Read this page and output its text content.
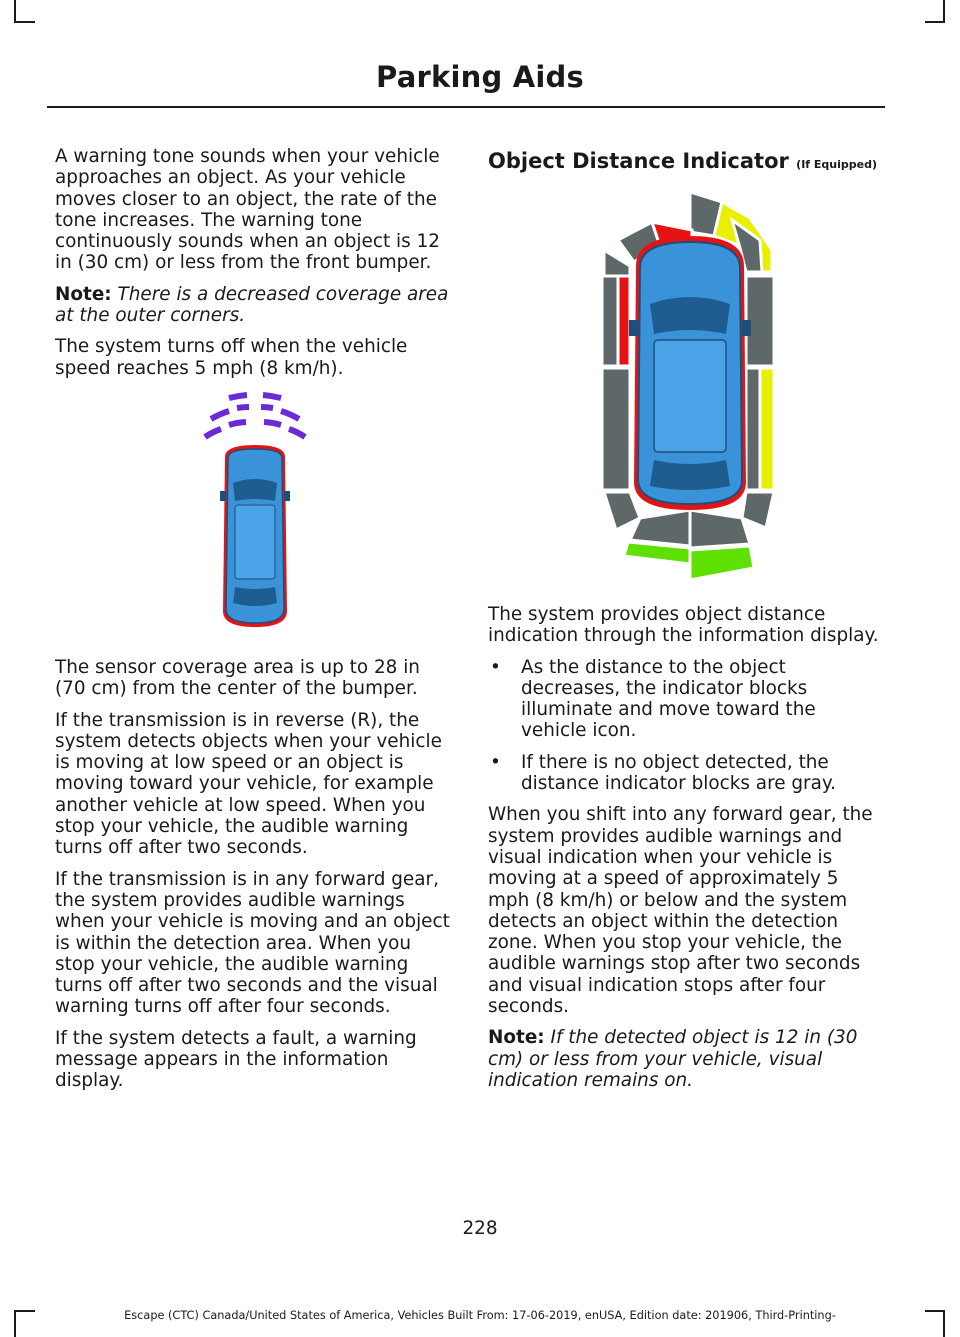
Parking Aids

A warning tone sounds when your vehicle approaches an object. As your vehicle moves closer to an object, the rate of the tone increases. The warning tone continuously sounds when an object is 12 in (30 cm) or less from the front bumper.

Note: There is a decreased coverage area at the outer corners.

The system turns off when the vehicle speed reaches 5 mph (8 km/h).

The sensor coverage area is up to 28 in (70 cm) from the center of the bumper.

If the transmission is in reverse (R), the system detects objects when your vehicle is moving at low speed or an object is moving toward your vehicle, for example another vehicle at low speed. When you stop your vehicle, the audible warning turns off after two seconds.

If the transmission is in any forward gear, the system provides audible warnings when your vehicle is moving and an object is within the detection area. When you stop your vehicle, the audible warning turns off after two seconds and the visual warning turns off after four seconds.

If the system detects a fault, a warning message appears in the information display.

Object Distance Indicator (If Equipped)

The system provides object distance indication through the information display.

• As the distance to the object decreases, the indicator blocks illuminate and move toward the vehicle icon.
• If there is no object detected, the distance indicator blocks are gray.

When you shift into any forward gear, the system provides audible warnings and visual indication when your vehicle is moving at a speed of approximately 5 mph (8 km/h) or below and the system detects an object within the detection zone. When you stop your vehicle, the audible warnings stop after two seconds and visual indication stops after four seconds.

Note: If the detected object is 12 in (30 cm) or less from your vehicle, visual indication remains on.

228
Escape (CTC) Canada/United States of America, Vehicles Built From: 17-06-2019, enUSA, Edition date: 201906, Third-Printing-
